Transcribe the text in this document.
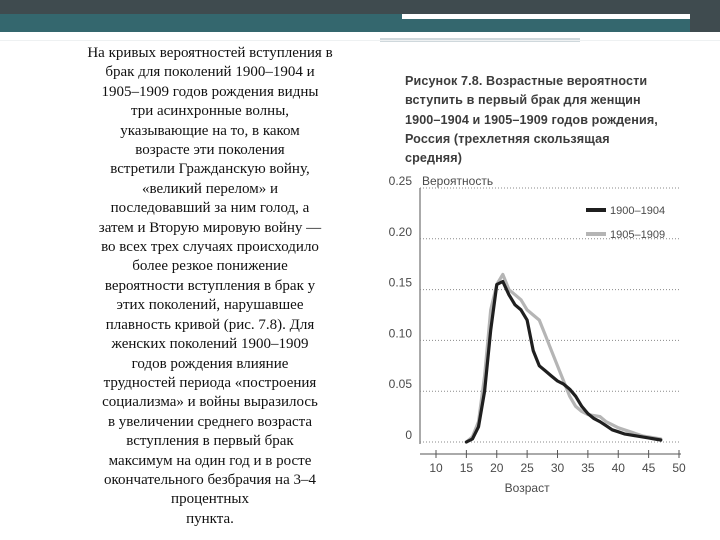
На кривых вероятностей вступления в
брак для поколений 1900–1904 и
1905–1909 годов рождения видны
три асинхронные волны,
указывающие на то, в каком
возрасте эти поколения
встретили Гражданскую войну,
«великий перелом» и
последовавший за ним голод, а
затем и Вторую мировую войну —
во всех трех случаях происходило
более резкое понижение
вероятности вступления в брак у
этих поколений, нарушавшее
плавность кривой (рис. 7.8). Для
женских поколений 1900–1909
годов рождения влияние
трудностей периода «построения
социализма» и войны выразилось
в увеличении среднего возраста
вступления в первый брак
максимум на один год и в росте
окончательного безбрачия на 3–4
процентных
пункта.
Рисунок 7.8. Возрастные вероятности
вступить в первый брак для женщин
1900–1904 и 1905–1909 годов рождения,
Россия (трехлетняя скользящая
средняя)
0
0.05
0.10
0.15
0.20
0.25 Вероятность
10 15 20 25 30 35 40 45 50
Возраст
1900–1904
1905–1909
